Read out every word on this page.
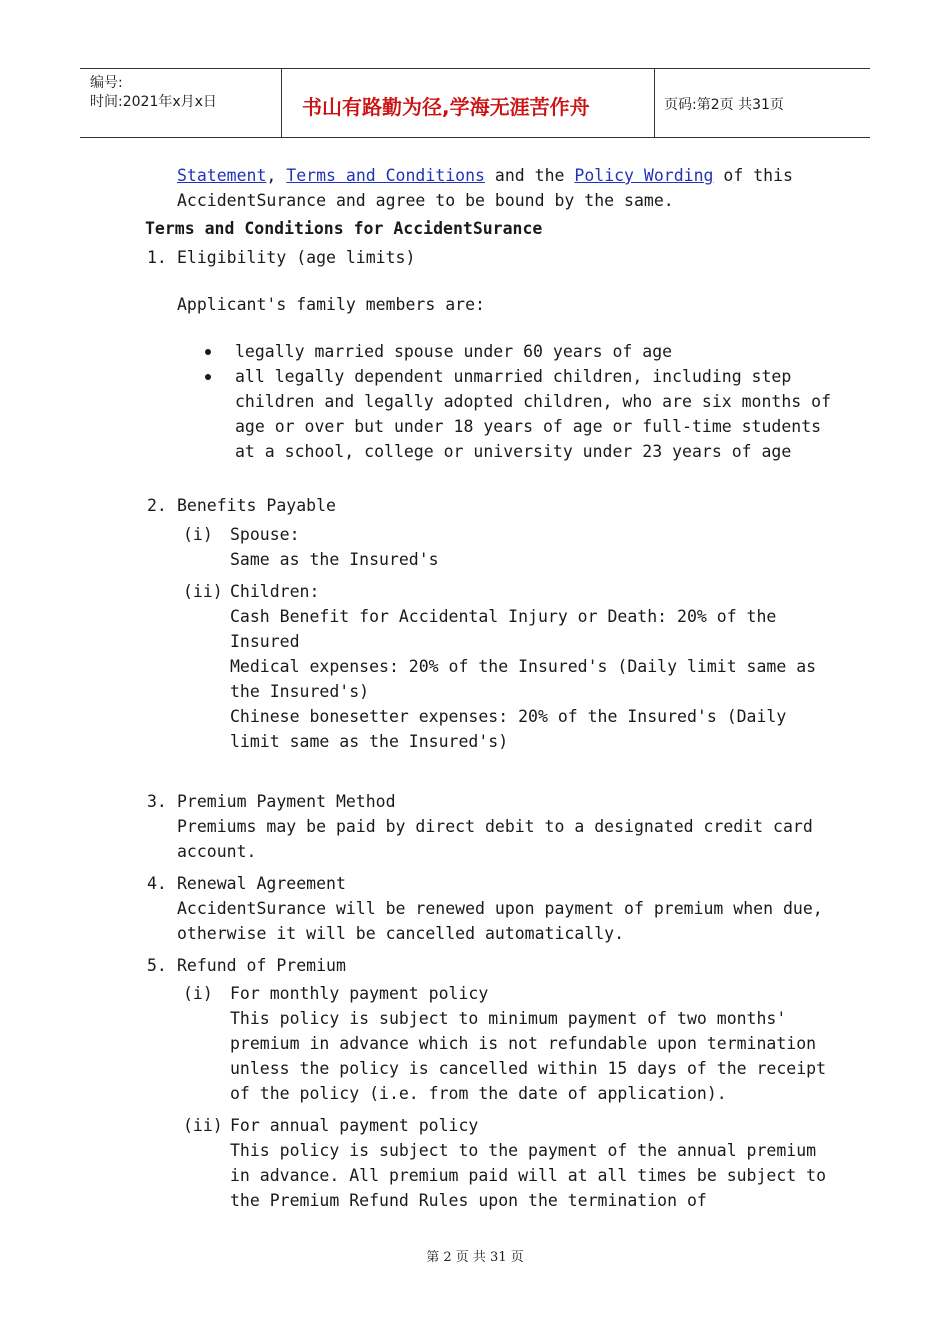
编号:
时间:2021年x月x日	书山有路勤为径,学海无涯苦作舟	页码:第2页 共31页
Statement, Terms and Conditions and the Policy Wording of this
AccidentSurance and agree to be bound by the same.
Terms and Conditions for AccidentSurance
1. Eligibility (age limits)
Applicant's family members are:
legally married spouse under 60 years of age
all legally dependent unmarried children, including step
children and legally adopted children, who are six months of
age or over but under 18 years of age or full-time students
at a school, college or university under 23 years of age
2. Benefits Payable
(i) Spouse:
Same as the Insured's
(ii) Children:
Cash Benefit for Accidental Injury or Death: 20% of the
Insured
Medical expenses: 20% of the Insured's (Daily limit same as
the Insured's)
Chinese bonesetter expenses: 20% of the Insured's (Daily
limit same as the Insured's)
3. Premium Payment Method
Premiums may be paid by direct debit to a designated credit card
account.
4. Renewal Agreement
AccidentSurance will be renewed upon payment of premium when due,
otherwise it will be cancelled automatically.
5. Refund of Premium
(i) For monthly payment policy
This policy is subject to minimum payment of two months'
premium in advance which is not refundable upon termination
unless the policy is cancelled within 15 days of the receipt
of the policy (i.e. from the date of application).
(ii) For annual payment policy
This policy is subject to the payment of the annual premium
in advance. All premium paid will at all times be subject to
the Premium Refund Rules upon the termination of
第 2 页 共 31 页
